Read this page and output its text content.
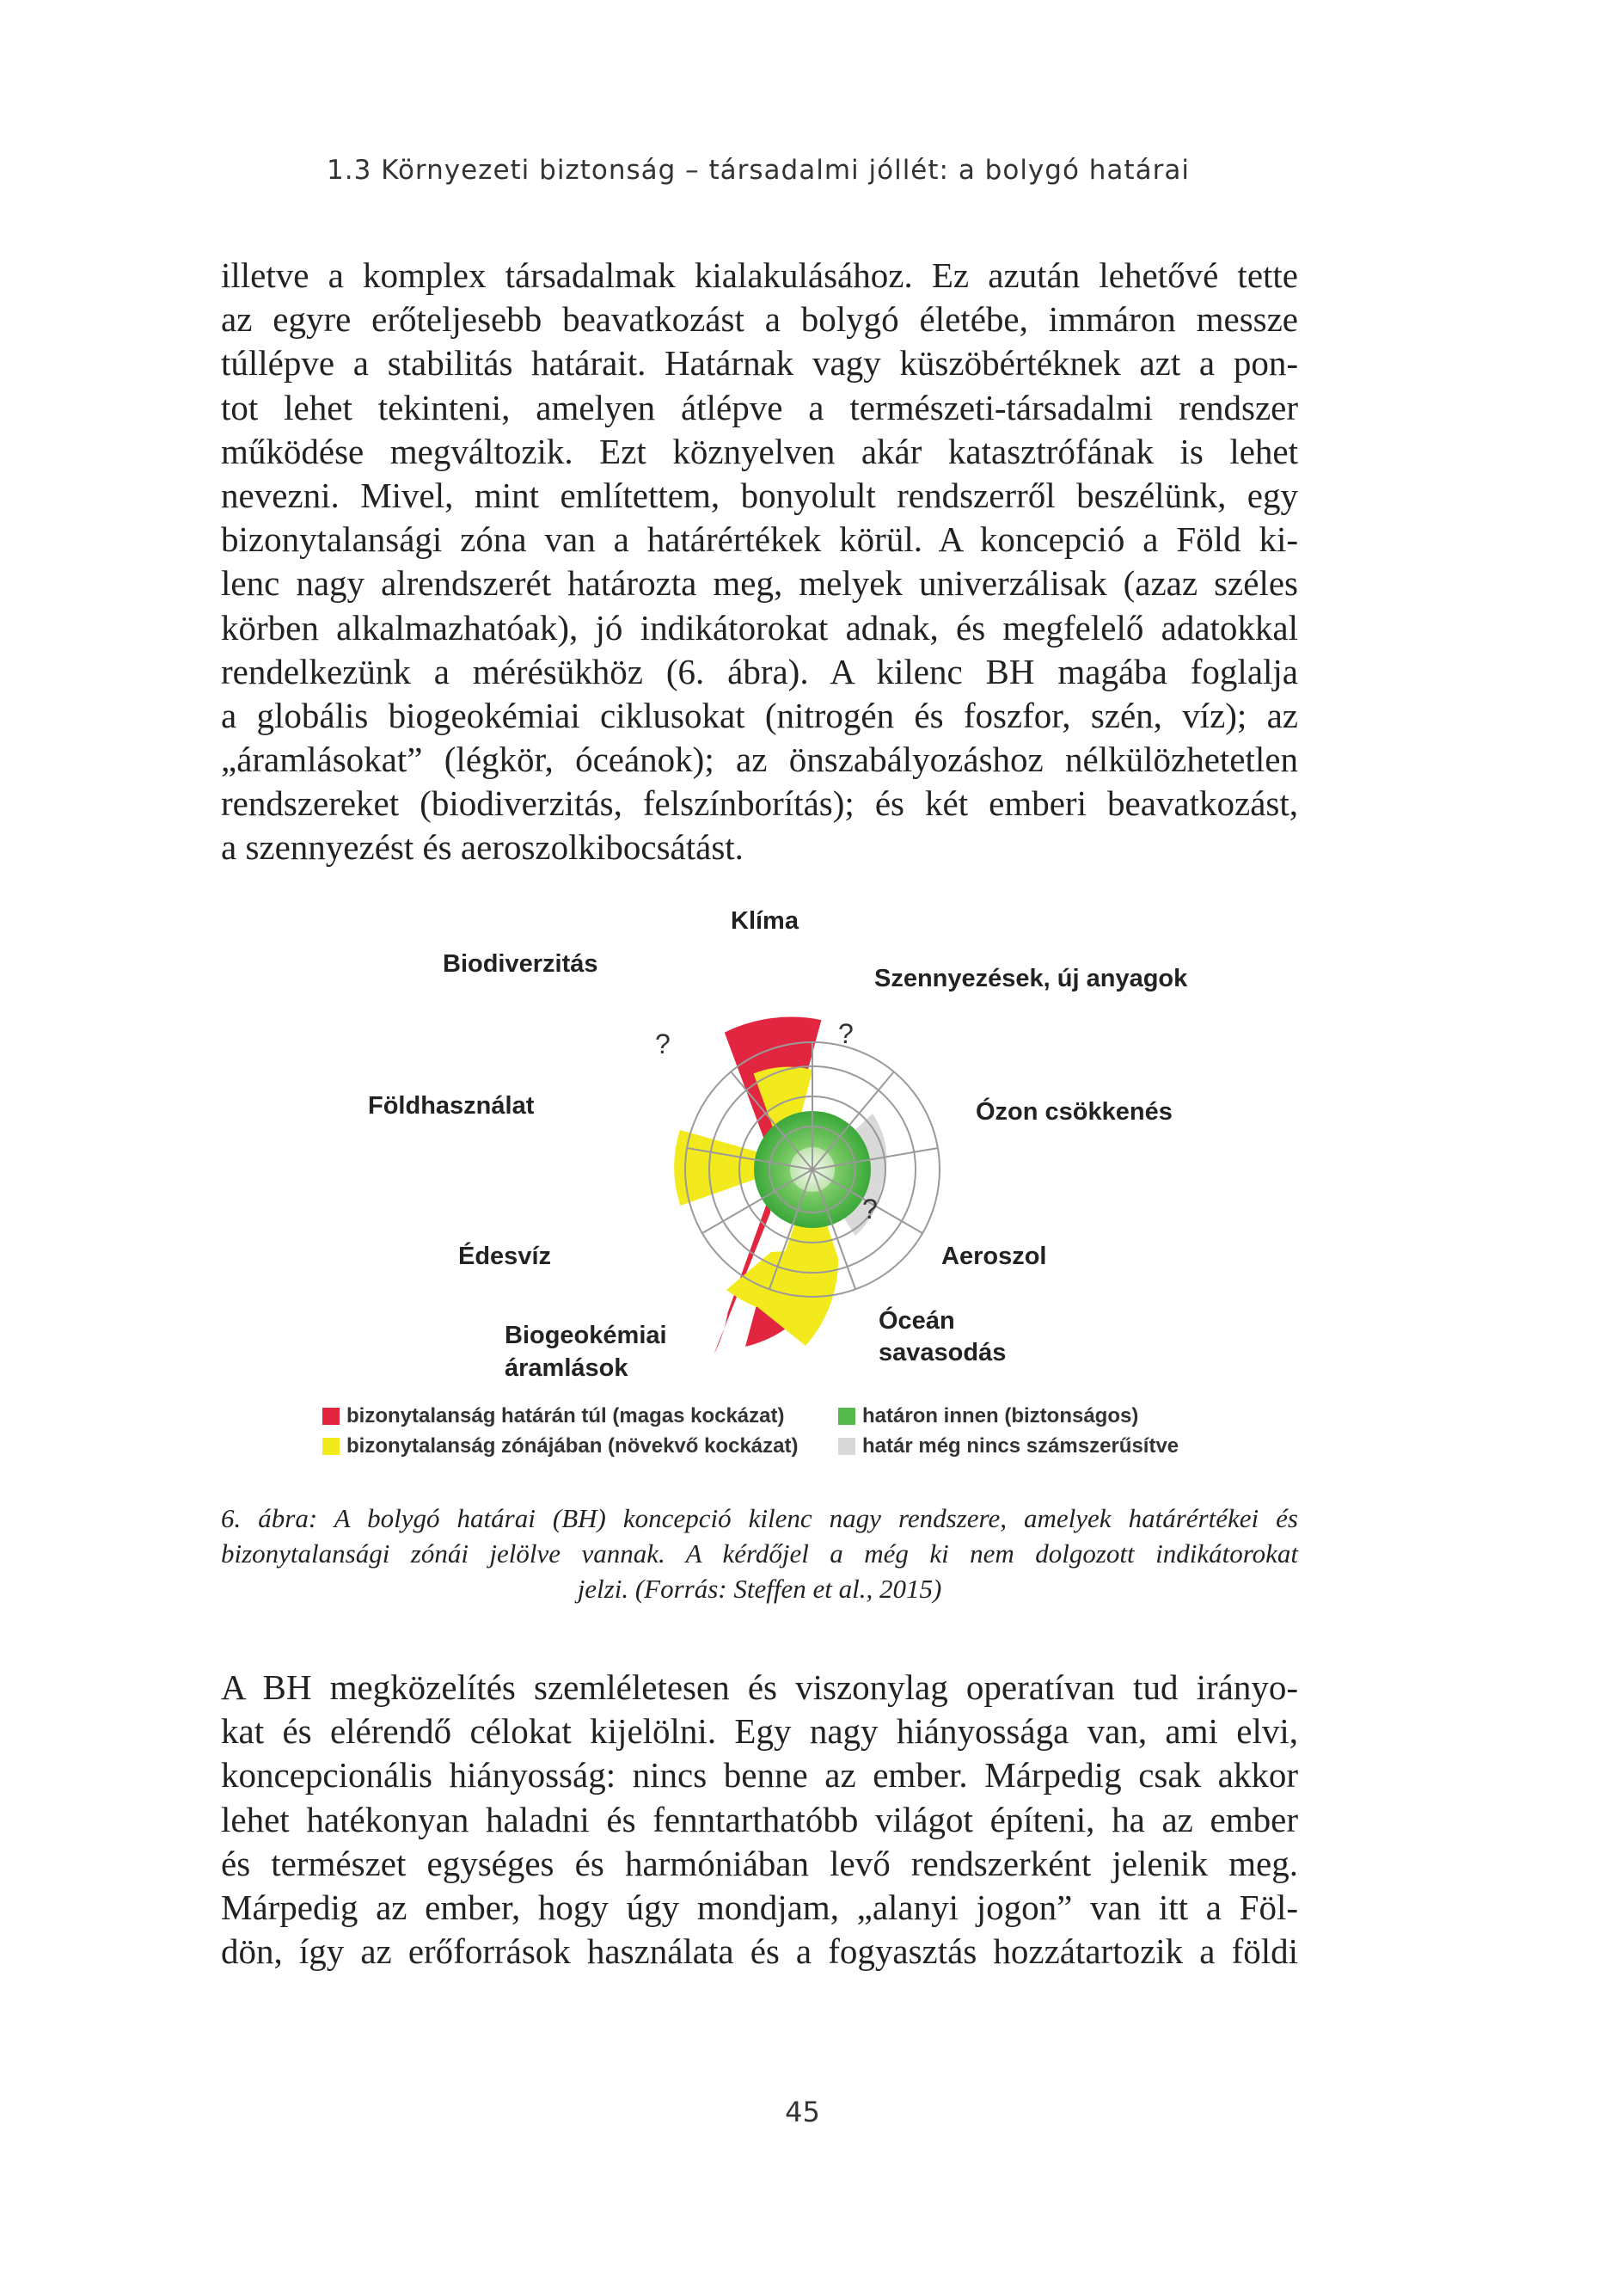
1.3 Környezeti biztonság – társadalmi jóllét: a bolygó határai
illetve a komplex társadalmak kialakulásához. Ez azután lehetővé tette
az egyre erőteljesebb beavatkozást a bolygó életébe, immáron messze
túllépve a stabilitás határait. Határnak vagy küszöbértéknek azt a pon-
tot lehet tekinteni, amelyen átlépve a természeti-társadalmi rendszer
működése megváltozik. Ezt köznyelven akár katasztrófának is lehet
nevezni. Mivel, mint említettem, bonyolult rendszerről beszélünk, egy
bizonytalansági zóna van a határértékek körül. A koncepció a Föld ki-
lenc nagy alrendszerét határozta meg, melyek univerzálisak (azaz széles
körben alkalmazhatóak), jó indikátorokat adnak, és megfelelő adatokkal
rendelkezünk a mérésükhöz (6. ábra). A kilenc BH magába foglalja
a globális biogeokémiai ciklusokat (nitrogén és foszfor, szén, víz); az
„áramlásokat” (légkör, óceánok); az önszabályozáshoz nélkülözhetetlen
rendszereket (biodiverzitás, felszínborítás); és két emberi beavatkozást,
a szennyezést és aeroszolkibocsátást.
?	?
?
Klíma
Szennyezések, új anyagok
Ózon csökkenés
Aeroszol
Óceán
savasodás
Biogeokémiai
áramlások
Édesvíz
Földhasználat
Biodiverzitás
bizonytalanság határán túl (magas kockázat)
bizonytalanság zónájában (növekvő kockázat)
határon innen (biztonságos)
határ még nincs számszerűsítve
6. ábra: A bolygó határai (BH) koncepció kilenc nagy rendszere, amelyek határértékei és
bizonytalansági zónái jelölve vannak. A kérdőjel a még ki nem dolgozott indikátorokat
jelzi. (Forrás: Steffen et al., 2015)
A BH megközelítés szemléletesen és viszonylag operatívan tud irányo-
kat és elérendő célokat kijelölni. Egy nagy hiányossága van, ami elvi,
koncepcionális hiányosság: nincs benne az ember. Márpedig csak akkor
lehet hatékonyan haladni és fenntarthatóbb világot építeni, ha az ember
és természet egységes és harmóniában levő rendszerként jelenik meg.
Márpedig az ember, hogy úgy mondjam, „alanyi jogon” van itt a Föl-
dön, így az erőforrások használata és a fogyasztás hozzátartozik a földi
45
